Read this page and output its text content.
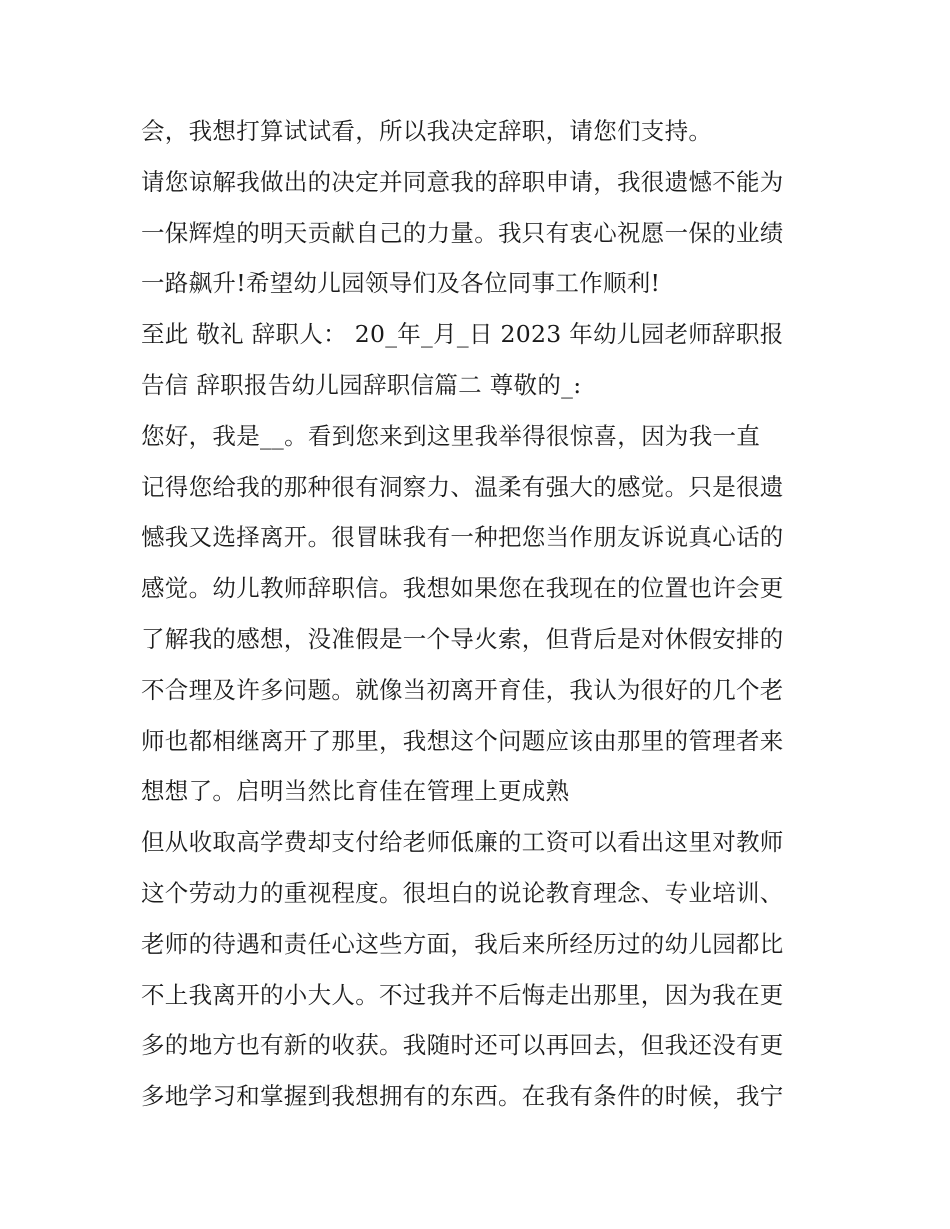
会，我想打算试试看，所以我决定辞职，请您们支持。
请您谅解我做出的决定并同意我的辞职申请，我很遗憾不能为
一保辉煌的明天贡献自己的力量。我只有衷心祝愿一保的业绩
一路飙升!希望幼儿园领导们及各位同事工作顺利!
至此 敬礼 辞职人： 20_年_月_日 2023 年幼儿园老师辞职报
告信 辞职报告幼儿园辞职信篇二 尊敬的_:
您好，我是__。看到您来到这里我举得很惊喜，因为我一直
记得您给我的那种很有洞察力、温柔有强大的感觉。只是很遗
憾我又选择离开。很冒昧我有一种把您当作朋友诉说真心话的
感觉。幼儿教师辞职信。我想如果您在我现在的位置也许会更
了解我的感想，没准假是一个导火索，但背后是对休假安排的
不合理及许多问题。就像当初离开育佳，我认为很好的几个老
师也都相继离开了那里，我想这个问题应该由那里的管理者来
想想了。启明当然比育佳在管理上更成熟
但从收取高学费却支付给老师低廉的工资可以看出这里对教师
这个劳动力的重视程度。很坦白的说论教育理念、专业培训、
老师的待遇和责任心这些方面，我后来所经历过的幼儿园都比
不上我离开的小大人。不过我并不后悔走出那里，因为我在更
多的地方也有新的收获。我随时还可以再回去，但我还没有更
多地学习和掌握到我想拥有的东西。在我有条件的时候，我宁
